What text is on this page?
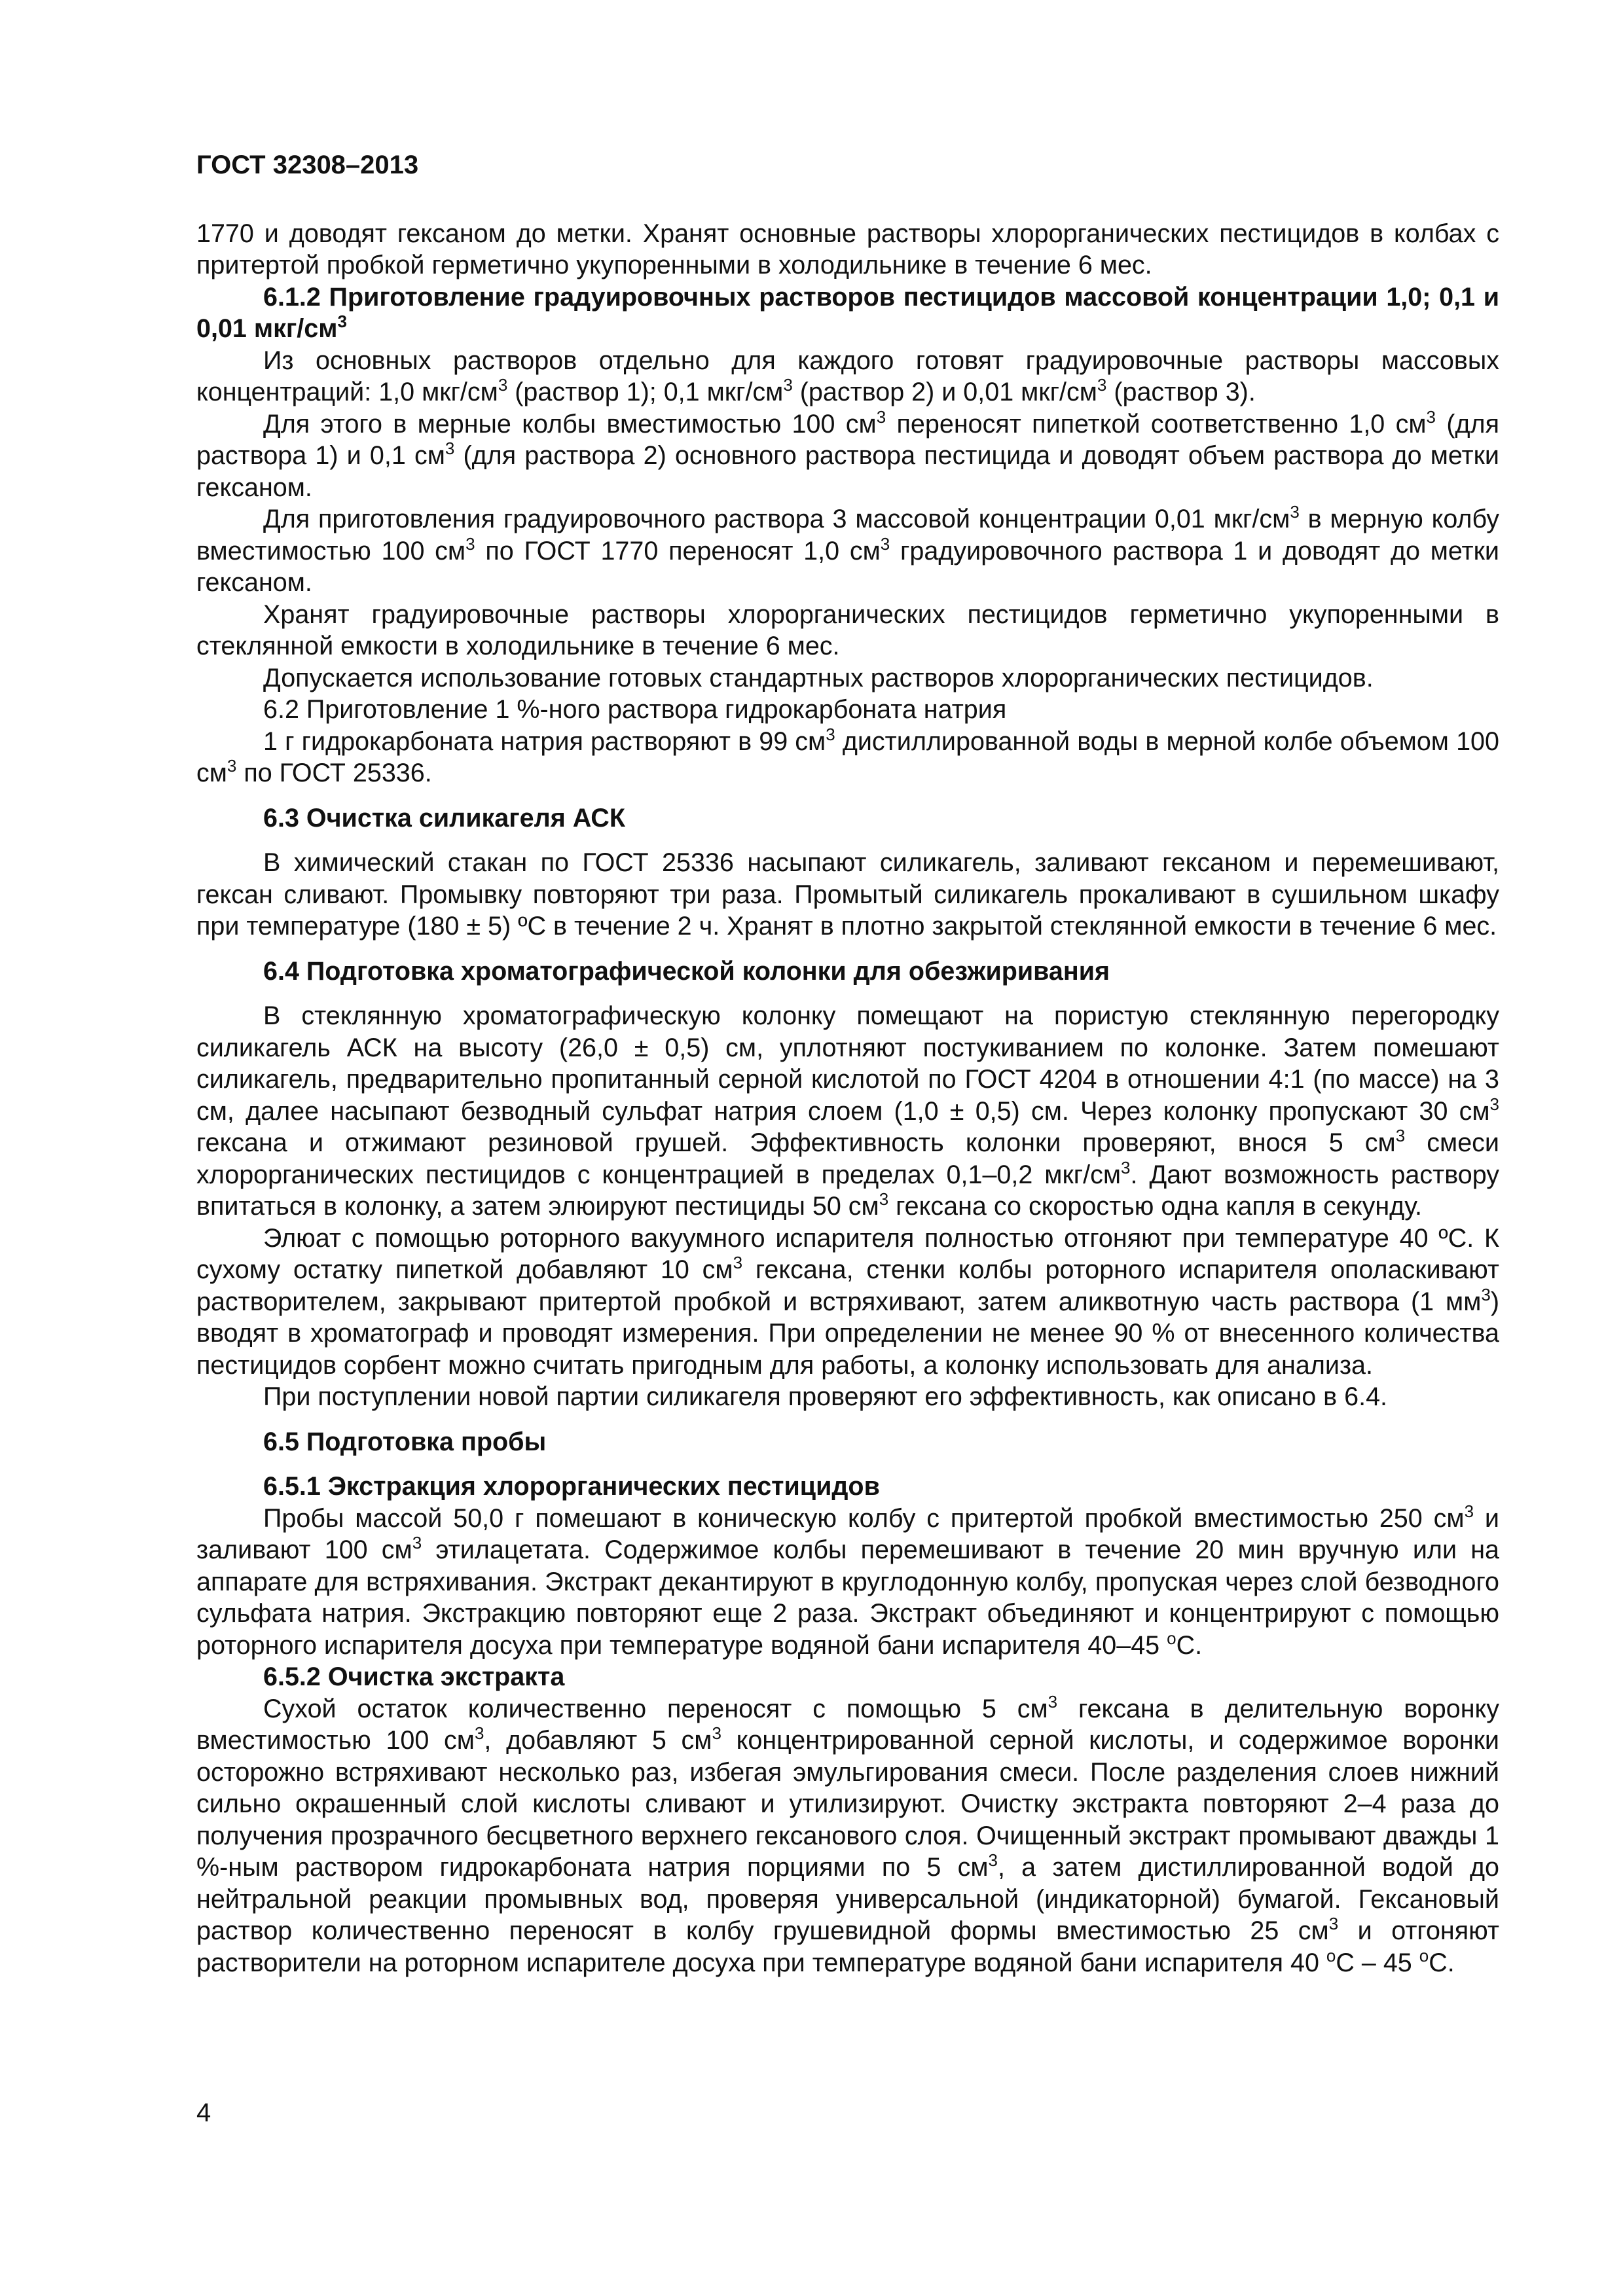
ГОСТ 32308–2013

1770 и доводят гексаном до метки. Хранят основные растворы хлорорганических пестицидов в колбах с притертой пробкой герметично укупоренными в холодильнике в течение 6 мес.

6.1.2 Приготовление градуировочных растворов пестицидов массовой концентрации 1,0; 0,1 и 0,01 мкг/$см^3$

Из основных растворов отдельно для каждого готовят градуировочные растворы массовых концентраций: 1,0 мкг/$см^3$ (раствор 1); 0,1 мкг/$см^3$ (раствор 2) и 0,01 мкг/$см^3$ (раствор 3).

Для этого в мерные колбы вместимостью 100 $см^3$ переносят пипеткой соответственно 1,0 $см^3$ (для раствора 1) и 0,1 $см^3$ (для раствора 2) основного раствора пестицида и доводят объем раствора до метки гексаном.

Для приготовления градуировочного раствора 3 массовой концентрации 0,01 мкг/$см^3$ в мерную колбу вместимостью 100 $см^3$ по ГОСТ 1770 переносят 1,0 $см^3$ градуировочного раствора 1 и доводят до метки гексаном.

Хранят градуировочные растворы хлорорганических пестицидов герметично укупоренными в стеклянной емкости в холодильнике в течение 6 мес.

Допускается использование готовых стандартных растворов хлорорганических пестицидов.

6.2 Приготовление 1 %-ного раствора гидрокарбоната натрия

1 г гидрокарбоната натрия растворяют в 99 $см^3$ дистиллированной воды в мерной колбе объемом 100 $см^3$ по ГОСТ 25336.

6.3 Очистка силикагеля АСК

В химический стакан по ГОСТ 25336 насыпают силикагель, заливают гексаном и перемешивают, гексан сливают. Промывку повторяют три раза. Промытый силикагель прокаливают в сушильном шкафу при температуре (180 ± 5) ºС в течение 2 ч. Хранят в плотно закрытой стеклянной емкости в течение 6 мес.

6.4 Подготовка хроматографической колонки для обезжиривания

В стеклянную хроматографическую колонку помещают на пористую стеклянную перегородку силикагель АСК на высоту (26,0 ± 0,5) см, уплотняют постукиванием по колонке. Затем помешают силикагель, предварительно пропитанный серной кислотой по ГОСТ 4204 в отношении 4:1 (по массе) на 3 см, далее насыпают безводный сульфат натрия слоем (1,0 ± 0,5) см. Через колонку пропускают 30 $см^3$ гексана и отжимают резиновой грушей. Эффективность колонки проверяют, внося 5 $см^3$ смеси хлорорганических пестицидов с концентрацией в пределах 0,1–0,2 мкг/$см^3$. Дают возможность раствору впитаться в колонку, а затем элюируют пестициды 50 $см^3$ гексана со скоростью одна капля в секунду.

Элюат с помощью роторного вакуумного испарителя полностью отгоняют при температуре 40 ºС. К сухому остатку пипеткой добавляют 10 $см^3$ гексана, стенки колбы роторного испарителя ополаскивают растворителем, закрывают притертой пробкой и встряхивают, затем аликвотную часть раствора (1 $мм^3$) вводят в хроматограф и проводят измерения. При определении не менее 90 % от внесенного количества пестицидов сорбент можно считать пригодным для работы, а колонку использовать для анализа.

При поступлении новой партии силикагеля проверяют его эффективность, как описано в 6.4.

6.5 Подготовка пробы

6.5.1 Экстракция хлорорганических пестицидов

Пробы массой 50,0 г помешают в коническую колбу с притертой пробкой вместимостью 250 $см^3$ и заливают 100 $см^3$ этилацетата. Содержимое колбы перемешивают в течение 20 мин вручную или на аппарате для встряхивания. Экстракт декантируют в круглодонную колбу, пропуская через слой безводного сульфата натрия. Экстракцию повторяют еще 2 раза. Экстракт объединяют и концентрируют с помощью роторного испарителя досуха при температуре водяной бани испарителя 40–45 $^o$С.

6.5.2 Очистка экстракта

Сухой остаток количественно переносят с помощью 5 $см^3$ гексана в делительную воронку вместимостью 100 $см^3$, добавляют 5 $см^3$ концентрированной серной кислоты, и содержимое воронки осторожно встряхивают несколько раз, избегая эмульгирования смеси. После разделения слоев нижний сильно окрашенный слой кислоты сливают и утилизируют. Очистку экстракта повторяют 2–4 раза до получения прозрачного бесцветного верхнего гексанового слоя. Очищенный экстракт промывают дважды 1 %-ным раствором гидрокарбоната натрия порциями по 5 $см^3$, а затем дистиллированной водой до нейтральной реакции промывных вод, проверяя универсальной (индикаторной) бумагой. Гексановый раствор количественно переносят в колбу грушевидной формы вместимостью 25 $см^3$ и отгоняют растворители на роторном испарителе досуха при температуре водяной бани испарителя 40 $^o$С – 45 $^o$С.

4
